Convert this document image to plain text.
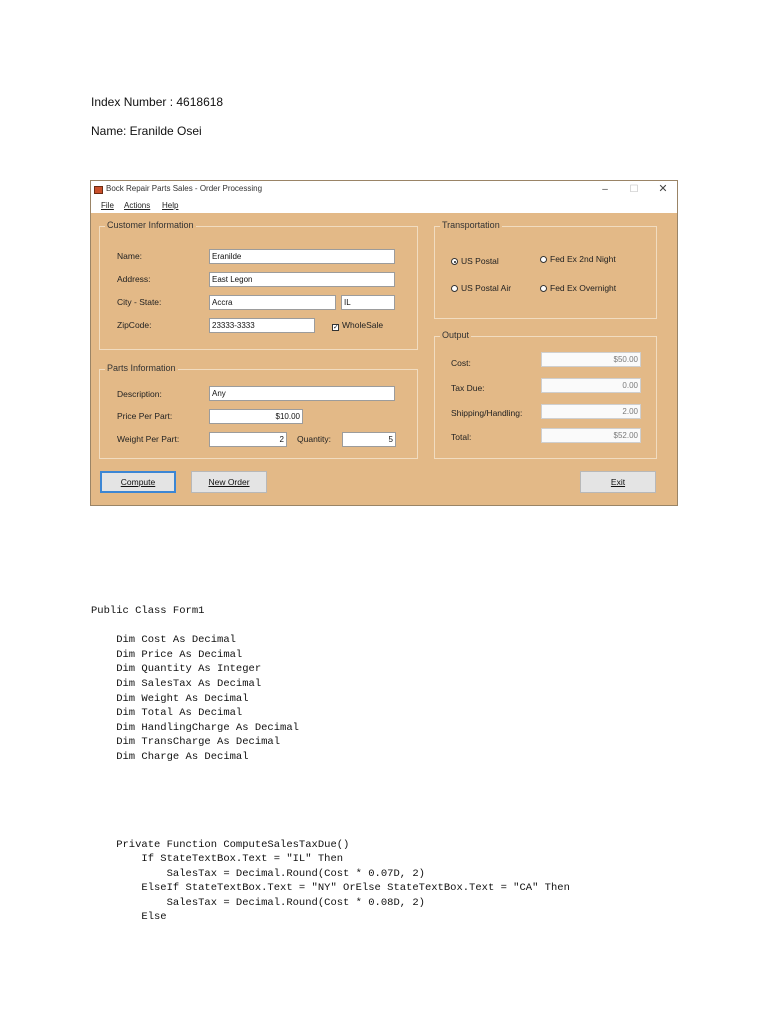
Index Number : 4618618
Name: Eranilde Osei
Bock Repair Parts Sales - Order Processing	–	☐	✕
File Actions Help
Customer Information
Name:	Eranilde
Address:	East Legon
City - State:	Accra	IL
ZipCode:	23333-3333	✓ WholeSale
Parts Information
Description:	Any
Price Per Part:	$10.00
Weight Per Part:	2	Quantity:	5
Transportation
US Postal	Fed Ex 2nd Night
US Postal Air	Fed Ex Overnight
Output
Cost:	$50.00
Tax Due:	0.00
Shipping/Handling:	2.00
Total:	$52.00
Compute	New Order	Exit
Public Class Form1

Dim Cost As Decimal
Dim Price As Decimal
Dim Quantity As Integer
Dim SalesTax As Decimal
Dim Weight As Decimal
Dim Total As Decimal
Dim HandlingCharge As Decimal
Dim TransCharge As Decimal
Dim Charge As Decimal

Private Function ComputeSalesTaxDue()
If StateTextBox.Text = "IL" Then
SalesTax = Decimal.Round(Cost * 0.07D, 2)
ElseIf StateTextBox.Text = "NY" OrElse StateTextBox.Text = "CA" Then
SalesTax = Decimal.Round(Cost * 0.08D, 2)
Else
